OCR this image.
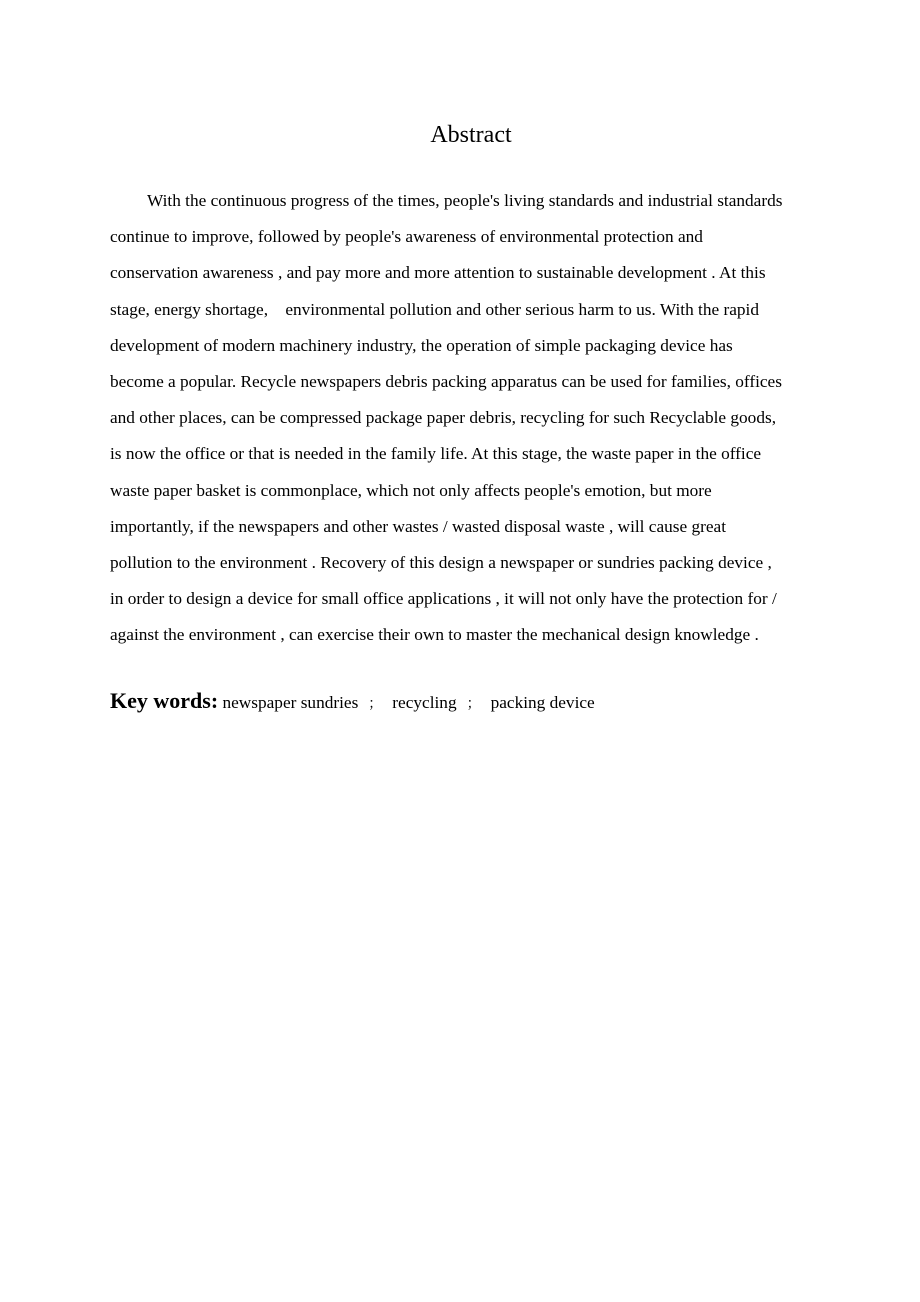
Abstract

With the continuous progress of the times, people's living standards and industrial standards
continue to improve, followed by people's awareness of environmental protection and
conservation awareness , and pay more and more attention to sustainable development . At this
stage, energy shortage,    environmental pollution and other serious harm to us. With the rapid
development of modern machinery industry, the operation of simple packaging device has
become a popular. Recycle newspapers debris packing apparatus can be used for families, offices
and other places, can be compressed package paper debris, recycling for such Recyclable goods,
is now the office or that is needed in the family life. At this stage, the waste paper in the office
waste paper basket is commonplace, which not only affects people's emotion, but more
importantly, if the newspapers and other wastes / wasted disposal waste , will cause great
pollution to the environment . Recovery of this design a newspaper or sundries packing device ,
in order to design a device for small office applications , it will not only have the protection for /
against the environment , can exercise their own to master the mechanical design knowledge .

Key words: newspaper sundries ； recycling ； packing device
